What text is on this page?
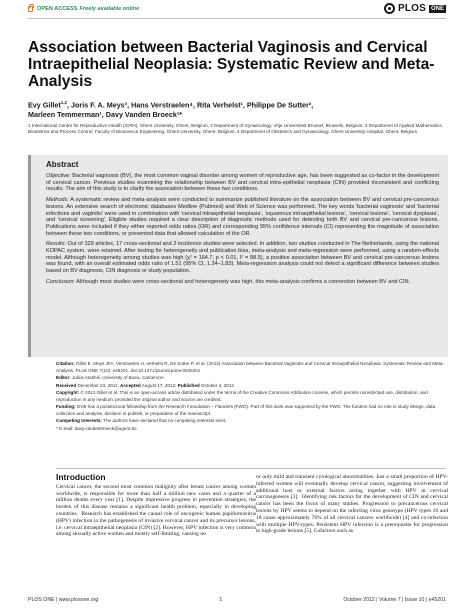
OPEN ACCESS Freely available online	PLOS ONE
Association between Bacterial Vaginosis and Cervical Intraepithelial Neoplasia: Systematic Review and Meta-Analysis
Evy Gillet$^{1,2}$, Joris F. A. Meys³, Hans Verstraelen⁴, Rita Verhelst¹, Philippe De Sutter²,
Marleen Temmerman¹, Davy Vanden Broeck¹*

1 International Centre for Reproductive Health (ICRH), Ghent University, Ghent, Belgium, 2 Department of Gynaecology, Vrije Universiteit Brussel, Brussels, Belgium, 3 Department of Applied Mathematics, Biometrics and Process Control, Faculty of Bioscience Engineering, Ghent University, Ghent, Belgium, 4 Department of Obstetrics and Gynaecology, Ghent University Hospital, Ghent, Belgium

Abstract

Objective: Bacterial vaginosis (BV), the most common vaginal disorder among women of reproductive age, has been suggested as co-factor in the development of cervical cancer. Previous studies examining the relationship between BV and cervical intra-epithelial neoplasia (CIN) provided inconsistent and conflicting results. The aim of this study is to clarify the association between these two conditions.

Methods: A systematic review and meta-analysis were conducted to summarize published literature on the association between BV and cervical pre-cancerous lesions. An extensive search of electronic databases Medline (Pubmed) and Web of Science was performed. The key words 'bacterial vaginosis' and 'bacterial infections and vaginitis' were used in combination with 'cervical intraepithelial neoplasia', 'squamous intraepithelial lesions', 'cervical lesions', 'cervical dysplasia', and 'cervical screening'. Eligible studies required a clear description of diagnostic methods used for detecting both BV and cervical pre-cancerous lesions. Publications were included if they either reported odds ratios (OR) and corresponding 95% confidence intervals (CI) representing the magnitude of association between these two conditions, or presented data that allowed calculation of the OR.

Results: Out of 329 articles, 17 cross-sectional and 2 incidence studies were selected. In addition, two studies conducted in The Netherlands, using the national KOPAC system, were retained. After testing for heterogeneity and publication bias, meta-analysis and meta-regression were performed, using a random-effects model. Although heterogeneity among studies was high (χ² = 164.7, p < 0.01, I² = 88.5), a positive association between BV and cervical pre-cancerous lesions was found, with an overall estimated odds ratio of 1.51 (95% CI, 1.24–1.83). Meta-regression analysis could not detect a significant difference between studies based on BV diagnosis, CIN diagnosis or study population.

Conclusion: Although most studies were cross-sectional and heterogeneity was high, this meta-analysis confirms a connection between BV and CIN.

Citation: Gillet E, Meys JFA, Verstraelen H, Verhelst R, De Sutter P, et al. (2012) Association between Bacterial Vaginosis and Cervical Intraepithelial Neoplasia: Systematic Review and Meta-Analysis. PLoS ONE 7(10): e45201. doi:10.1371/journal.pone.0045201

Editor: Julius Atashili, University of Buea, Cameroon

Received December 23, 2011; Accepted August 17, 2012; Published October 2, 2012

Copyright: © 2012 Gillet et al. This is an open-access article distributed under the terms of the Creative Commons Attribution License, which permits unrestricted use, distribution, and reproduction in any medium, provided the original author and source are credited.

Funding: DVB has a postdoctoral fellowship from the Research Foundation – Flanders (FWO). Part of this work was supported by the FWO. The funders had no role in study design, data collection and analysis, decision to publish, or preparation of the manuscript.

Competing Interests: The authors have declared that no competing interests exist.

* E-mail: davy.vandenbroeck@ugent.be

Introduction

Cervical cancer, the second most common malignity after breast cancer among women worldwide, is responsible for more than half a million new cases and a quarter of a million deaths every year [1]. Despite impressive progress in prevention strategies, the burden of this disease remains a significant health problem, especially in developing countries.  Research has established the causal role of oncogenic human papillomavirus (HPV) infection in the pathogenesis of invasive cervical cancer and its precursor lesions, i.e. cervical intraepithelial neoplasia (CIN) [2]. However, HPV infection is very common among sexually active women and mostly self-limiting, causing no

or only mild and transient cytological abnormalities. Just a small proportion of HPV-infected women will eventually develop cervical cancer, suggesting involvement of additional host or external factors acting together with HPV in cervical carcinogenesis [3].  Identifying risk factors for the development of CIN and cervical cancer has been the focus of many studies. Progression to precancerous cervical lesions by HPV seems to depend on the infecting virus genotype (HPV types 16 and 18 cause approximately 70% of all cervical cancers worldwide) [4] and co-infection with multiple HPV-types. Persistent HPV infection is a prerequisite for progression to high-grade lesions [5]. Cofactors such as

PLOS ONE | www.plosone.org	1	October 2012 | Volume 7 | Issue 10 | e45201
